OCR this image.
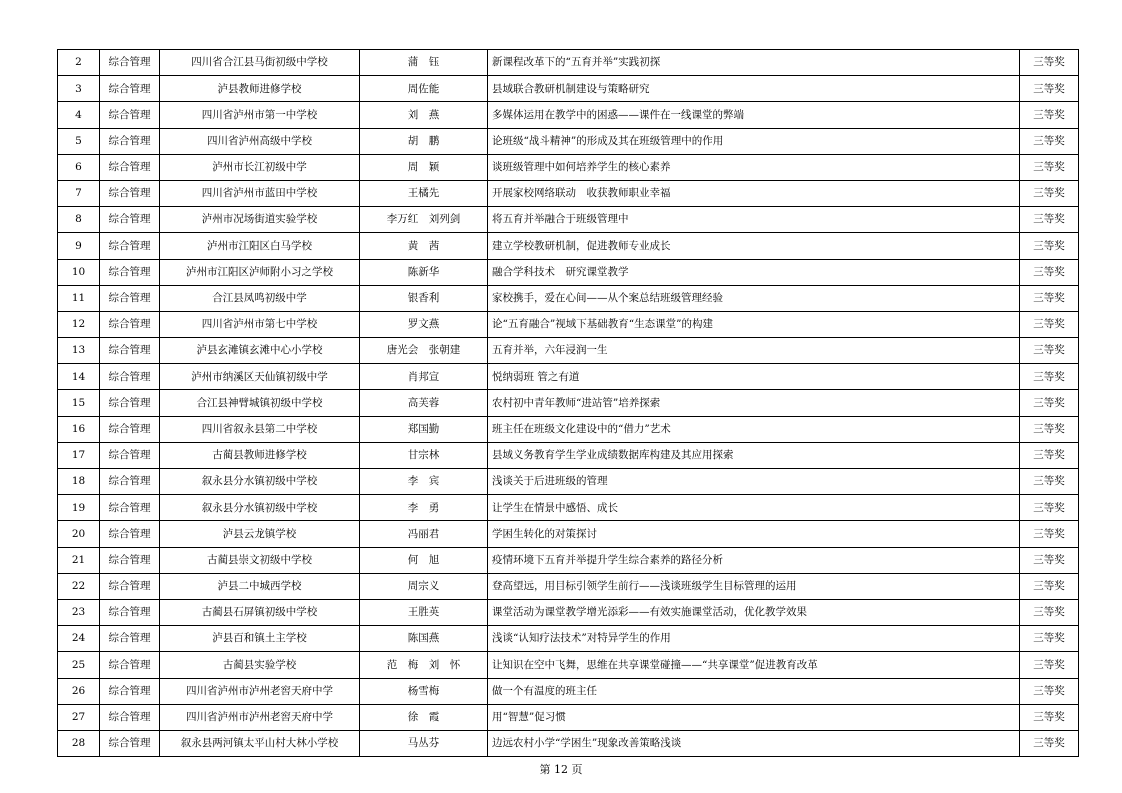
2	综合管理	四川省合江县马街初级中学校	蒲　钰	新课程改革下的“五育并举”实践初探	三等奖
3	综合管理	泸县教师进修学校	周佐能	县域联合教研机制建设与策略研究	三等奖
4	综合管理	四川省泸州市第一中学校	刘　燕	多媒体运用在教学中的困惑——课件在一线课堂的弊端	三等奖
5	综合管理	四川省泸州高级中学校	胡　鹏	论班级“战斗精神”的形成及其在班级管理中的作用	三等奖
6	综合管理	泸州市长江初级中学	周　颖	谈班级管理中如何培养学生的核心素养	三等奖
7	综合管理	四川省泸州市蓝田中学校	王橘先	开展家校网络联动　收获教师职业幸福	三等奖
8	综合管理	泸州市况场街道实验学校	李万红　刘列剑	将五育并举融合于班级管理中	三等奖
9	综合管理	泸州市江阳区白马学校	黄　茜	建立学校教研机制，促进教师专业成长	三等奖
10	综合管理	泸州市江阳区泸师附小习之学校	陈新华	融合学科技术　研究课堂教学	三等奖
11	综合管理	合江县凤鸣初级中学	银香利	家校携手，爱在心间——从个案总结班级管理经验	三等奖
12	综合管理	四川省泸州市第七中学校	罗文燕	论“五育融合”视域下基础教育“生态课堂”的构建	三等奖
13	综合管理	泸县玄滩镇玄滩中心小学校	唐光会　张朝建	五育并举，六年浸润一生	三等奖
14	综合管理	泸州市纳溪区天仙镇初级中学	肖邦宣	悦纳弱班 管之有道	三等奖
15	综合管理	合江县神臂城镇初级中学校	高芙蓉	农村初中青年教师“进站管”培养探索	三等奖
16	综合管理	四川省叙永县第二中学校	郑国勤	班主任在班级文化建设中的“借力”艺术	三等奖
17	综合管理	古蔺县教师进修学校	甘宗林	县域义务教育学生学业成绩数据库构建及其应用探索	三等奖
18	综合管理	叙永县分水镇初级中学校	李　宾	浅谈关于后进班级的管理	三等奖
19	综合管理	叙永县分水镇初级中学校	李　勇	让学生在情景中感悟、成长	三等奖
20	综合管理	泸县云龙镇学校	冯丽君	学困生转化的对策探讨	三等奖
21	综合管理	古蔺县崇文初级中学校	何　旭	疫情环境下五育并举提升学生综合素养的路径分析	三等奖
22	综合管理	泸县二中城西学校	周宗义	登高望远，用目标引领学生前行——浅谈班级学生目标管理的运用	三等奖
23	综合管理	古蔺县石屏镇初级中学校	王胜英	课堂活动为课堂教学增光添彩——有效实施课堂活动，优化教学效果	三等奖
24	综合管理	泸县百和镇土主学校	陈国燕	浅谈“认知疗法技术”对特异学生的作用	三等奖
25	综合管理	古蔺县实验学校	范　梅　刘　怀	让知识在空中飞舞，思维在共享课堂碰撞——“共享课堂”促进教育改革	三等奖
26	综合管理	四川省泸州市泸州老窖天府中学	杨雪梅	做一个有温度的班主任	三等奖
27	综合管理	四川省泸州市泸州老窖天府中学	徐　霞	用“智慧”促习惯	三等奖
28	综合管理	叙永县两河镇太平山村大林小学校	马丛芬	边远农村小学“学困生”现象改善策略浅谈	三等奖
第 12 页
